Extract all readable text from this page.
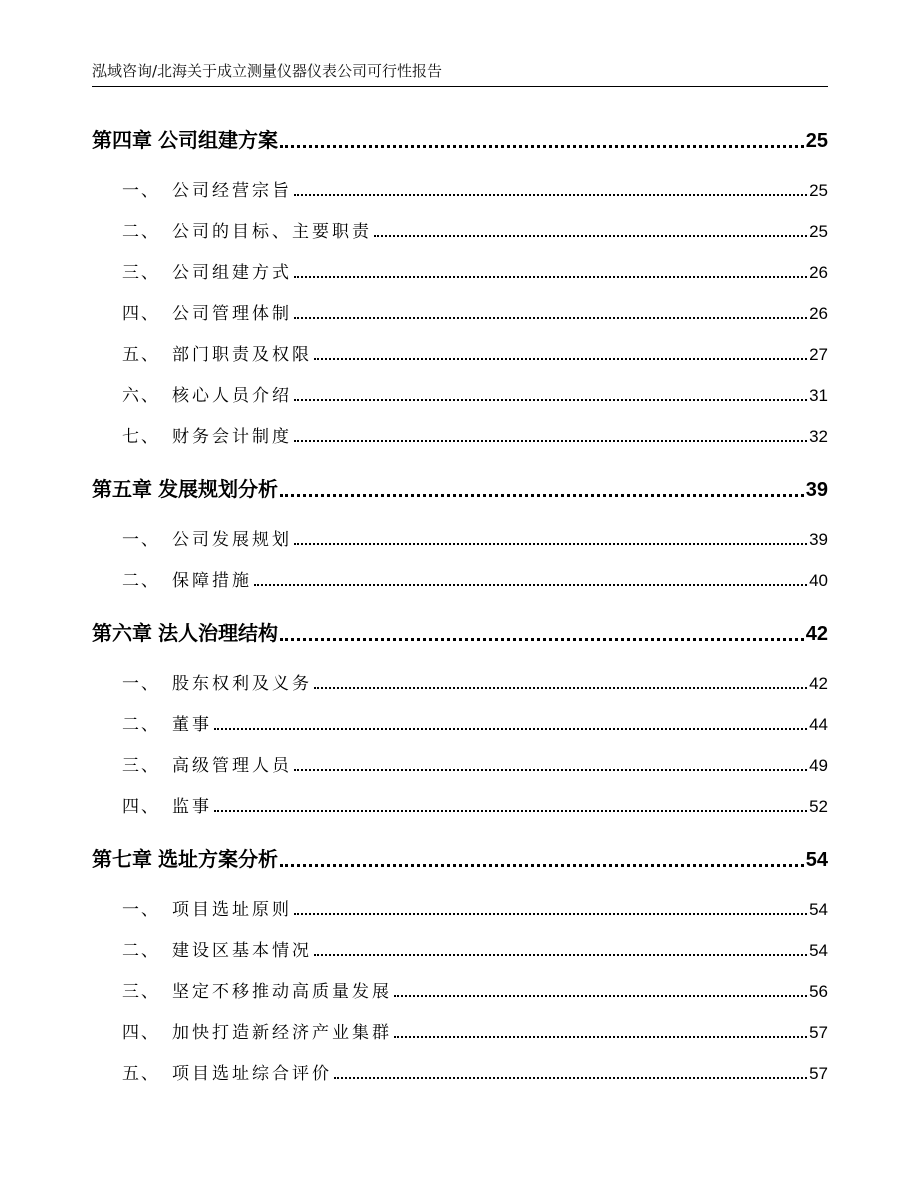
泓域咨询/北海关于成立测量仪器仪表公司可行性报告
第四章 公司组建方案	25
一、 公司经营宗旨	25
二、 公司的目标、主要职责	25
三、 公司组建方式	26
四、 公司管理体制	26
五、 部门职责及权限	27
六、 核心人员介绍	31
七、 财务会计制度	32
第五章 发展规划分析	39
一、 公司发展规划	39
二、 保障措施	40
第六章 法人治理结构	42
一、 股东权利及义务	42
二、 董事	44
三、 高级管理人员	49
四、 监事	52
第七章 选址方案分析	54
一、 项目选址原则	54
二、 建设区基本情况	54
三、 坚定不移推动高质量发展	56
四、 加快打造新经济产业集群	57
五、 项目选址综合评价	57
